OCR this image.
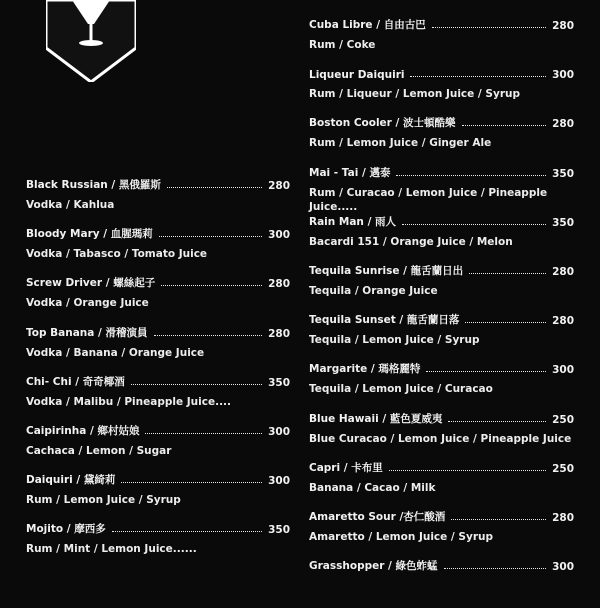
Black Russian / 黑俄羅斯	280
Vodka / Kahlua
Bloody Mary / 血腥瑪莉	300
Vodka / Tabasco / Tomato Juice
Screw Driver / 螺絲起子	280
Vodka / Orange Juice
Top Banana / 滑稽演員	280
Vodka / Banana / Orange Juice
Chi- Chi / 奇奇椰酒	350
Vodka / Malibu / Pineapple Juice....
Caipirinha / 鄉村姑娘	300
Cachaca / Lemon / Sugar
Daiquiri / 黛綺莉	300
Rum / Lemon Juice / Syrup
Mojito / 摩西多	350
Rum / Mint / Lemon Juice......
Cuba Libre / 自由古巴	280
Rum / Coke
Liqueur Daiquiri	300
Rum / Liqueur / Lemon Juice / Syrup
Boston Cooler / 波士頓酷樂	280
Rum / Lemon Juice / Ginger Ale
Mai - Tai / 邁泰	350
Rum / Curacao / Lemon Juice / Pineapple Juice.....
Rain Man / 雨人	350
Bacardi 151 / Orange Juice / Melon
Tequila Sunrise / 龍舌蘭日出	280
Tequila / Orange Juice
Tequila Sunset / 龍舌蘭日落	280
Tequila / Lemon Juice / Syrup
Margarite / 瑪格麗特	300
Tequila / Lemon Juice / Curacao
Blue Hawaii / 藍色夏威夷	250
Blue Curacao / Lemon Juice / Pineapple Juice
Capri / 卡布里	250
Banana / Cacao / Milk
Amaretto Sour /杏仁酸酒	280
Amaretto / Lemon Juice / Syrup
Grasshopper / 綠色蚱蜢	300
